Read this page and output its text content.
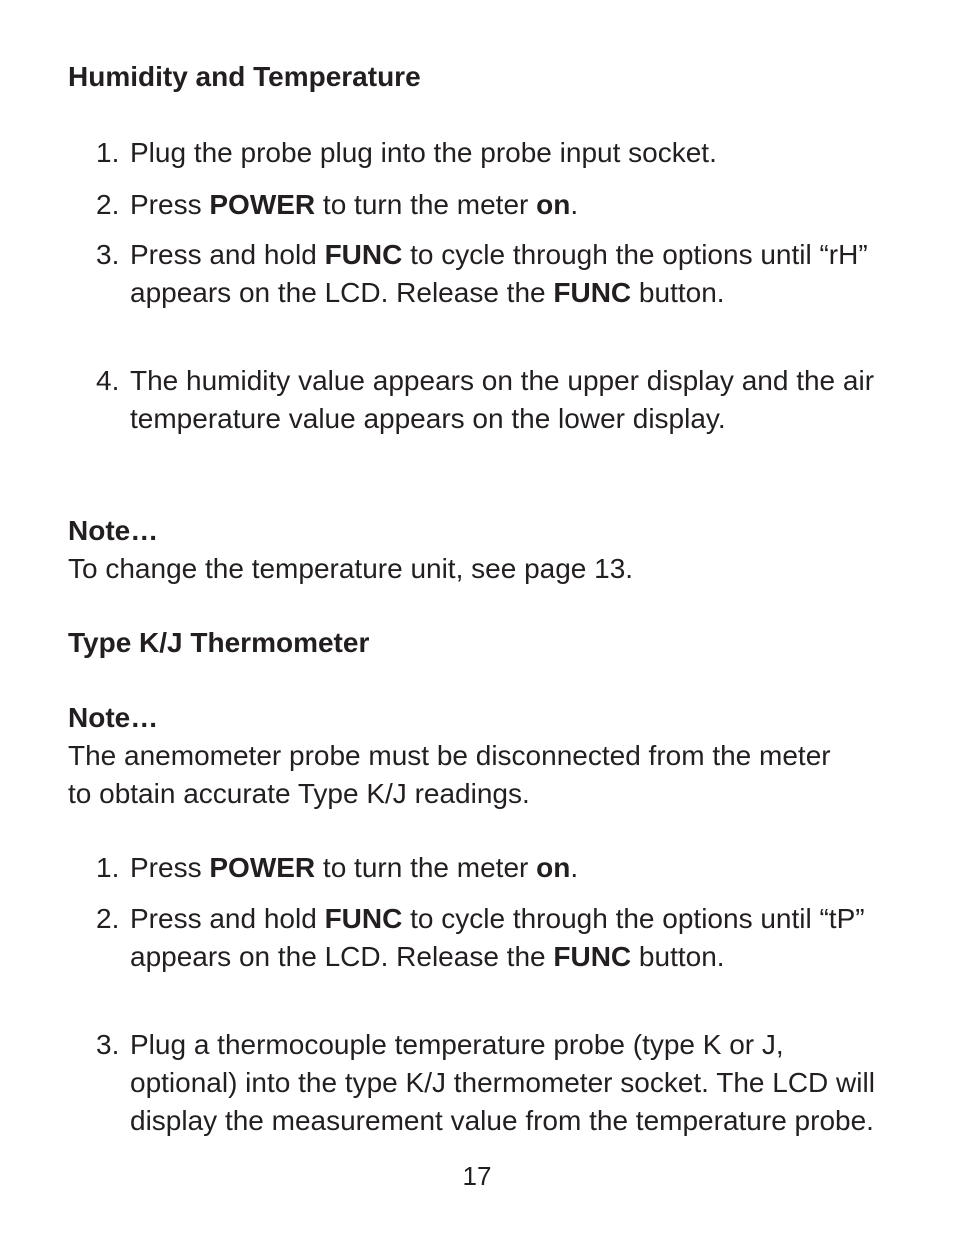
Humidity and Temperature
1. Plug the probe plug into the probe input socket.
2. Press POWER to turn the meter on.
3. Press and hold FUNC to cycle through the options until “rH” appears on the LCD. Release the FUNC button.
4. The humidity value appears on the upper display and the air temperature value appears on the lower display.
Note…
To change the temperature unit, see page 13.
Type K/J Thermometer
Note…
The anemometer probe must be disconnected from the meter to obtain accurate Type K/J readings.
1. Press POWER to turn the meter on.
2. Press and hold FUNC to cycle through the options until “tP” appears on the LCD. Release the FUNC button.
3. Plug a thermocouple temperature probe (type K or J, optional) into the type K/J thermometer socket. The LCD will display the measurement value from the temperature probe.
17
